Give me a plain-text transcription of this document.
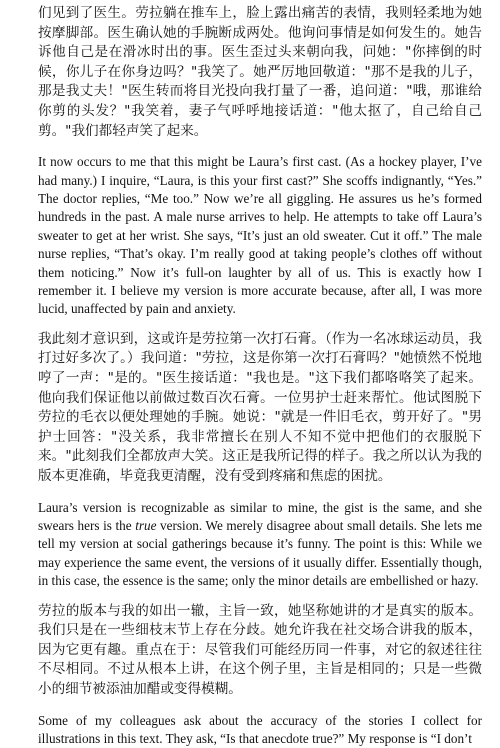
们见到了医生。劳拉躺在推车上，脸上露出痛苦的表情，我则轻柔地为她按摩脚部。医生确认她的手腕断成两处。他询问事情是如何发生的。她告诉他自己是在滑冰时出的事。医生歪过头来朝向我，问她："你摔倒的时候，你儿子在你身边吗？"我笑了。她严厉地回敬道："那不是我的儿子，那是我丈夫！"医生转而将目光投向我打量了一番，追问道："哦，那谁给你剪的头发？"我笑着，妻子气呼呼地接话道："他太抠了，自己给自己剪。"我们都轻声笑了起来。

It now occurs to me that this might be Laura’s first cast. (As a hockey player, I’ve had many.) I inquire, “Laura, is this your first cast?” She scoffs indignantly, “Yes.” The doctor replies, “Me too.” Now we’re all giggling. He assures us he’s formed hundreds in the past. A male nurse arrives to help. He attempts to take off Laura’s sweater to get at her wrist. She says, “It’s just an old sweater. Cut it off.” The male nurse replies, “That’s okay. I’m really good at taking people’s clothes off without them noticing.” Now it’s full-on laughter by all of us. This is exactly how I remember it. I believe my version is more accurate because, after all, I was more lucid, unaffected by pain and anxiety.

我此刻才意识到，这或许是劳拉第一次打石膏。（作为一名冰球运动员，我打过好多次了。）我问道："劳拉，这是你第一次打石膏吗？"她愤然不悦地哼了一声："是的。"医生接话道："我也是。"这下我们都咯咯笑了起来。他向我们保证他以前做过数百次石膏。一位男护士赶来帮忙。他试图脱下劳拉的毛衣以便处理她的手腕。她说："就是一件旧毛衣，剪开好了。"男护士回答："没关系，我非常擅长在别人不知不觉中把他们的衣服脱下来。"此刻我们全都放声大笑。这正是我所记得的样子。我之所以认为我的版本更准确，毕竟我更清醒，没有受到疼痛和焦虑的困扰。

Laura’s version is recognizable as similar to mine, the gist is the same, and she swears hers is the true version. We merely disagree about small details. She lets me tell my version at social gatherings because it’s funny. The point is this: While we may experience the same event, the versions of it usually differ. Essentially though, in this case, the essence is the same; only the minor details are embellished or hazy.

劳拉的版本与我的如出一辙，主旨一致，她坚称她讲的才是真实的版本。我们只是在一些细枝末节上存在分歧。她允许我在社交场合讲我的版本，因为它更有趣。重点在于：尽管我们可能经历同一件事，对它的叙述往往不尽相同。不过从根本上讲，在这个例子里，主旨是相同的；只是一些微小的细节被添油加醋或变得模糊。

Some of my colleagues ask about the accuracy of the stories I collect for illustrations in this text. They ask, “Is that anecdote true?” My response is “I don’t
